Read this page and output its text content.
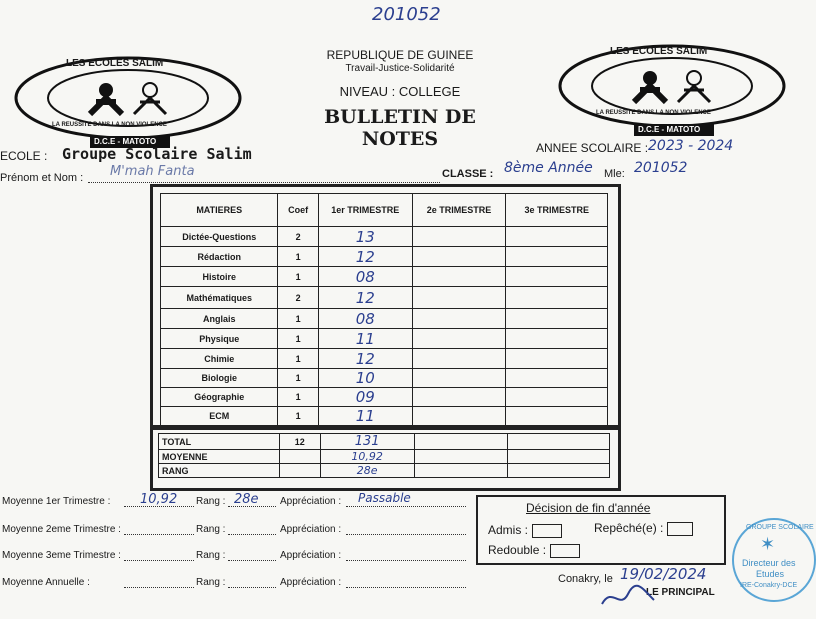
201052
LES ECOLES SALIM
LA REUSSITE DANS LA NON VIOLENCE
D.C.E - MATOTO
LES ECOLES SALIM
LA REUSSITE DANS LA NON VIOLENCE
D.C.E - MATOTO
REPUBLIQUE DE GUINEE
Travail-Justice-Solidarité
NIVEAU : COLLEGE
BULLETIN DE NOTES
ECOLE : Groupe Scolaire Salim	ANNEE SCOLAIRE : 2023 - 2024
Prénom et Nom : M'mah Fanta	CLASSE : 8ème Année Mle: 201052
MATIERES	Coef	1er TRIMESTRE	2e TRIMESTRE	3e TRIMESTRE
Dictée-Questions	2	13		
Rédaction	1	12		
Histoire	1	08		
Mathématiques	2	12		
Anglais	1	08		
Physique	1	11		
Chimie	1	12		
Biologie	1	10		
Géographie	1	09		
ECM	1	11		
TOTAL	12	131		
MOYENNE		10,92		
RANG		28e		
Moyenne 1er Trimestre : 10,92 Rang : 28e Appréciation : Passable
Moyenne 2eme Trimestre :	Rang :	Appréciation :
Moyenne 3eme Trimestre :	Rang :	Appréciation :
Moyenne Annuelle :	Rang :	Appréciation :
Décision de fin d'année
Admis :	Repêché(e) :
Redouble :
Conakry, le 19/02/2024
LE PRINCIPAL
GROUPE SCOLAIRE
✶
Directeur des
Etudes
IRE-Conakry-DCE
